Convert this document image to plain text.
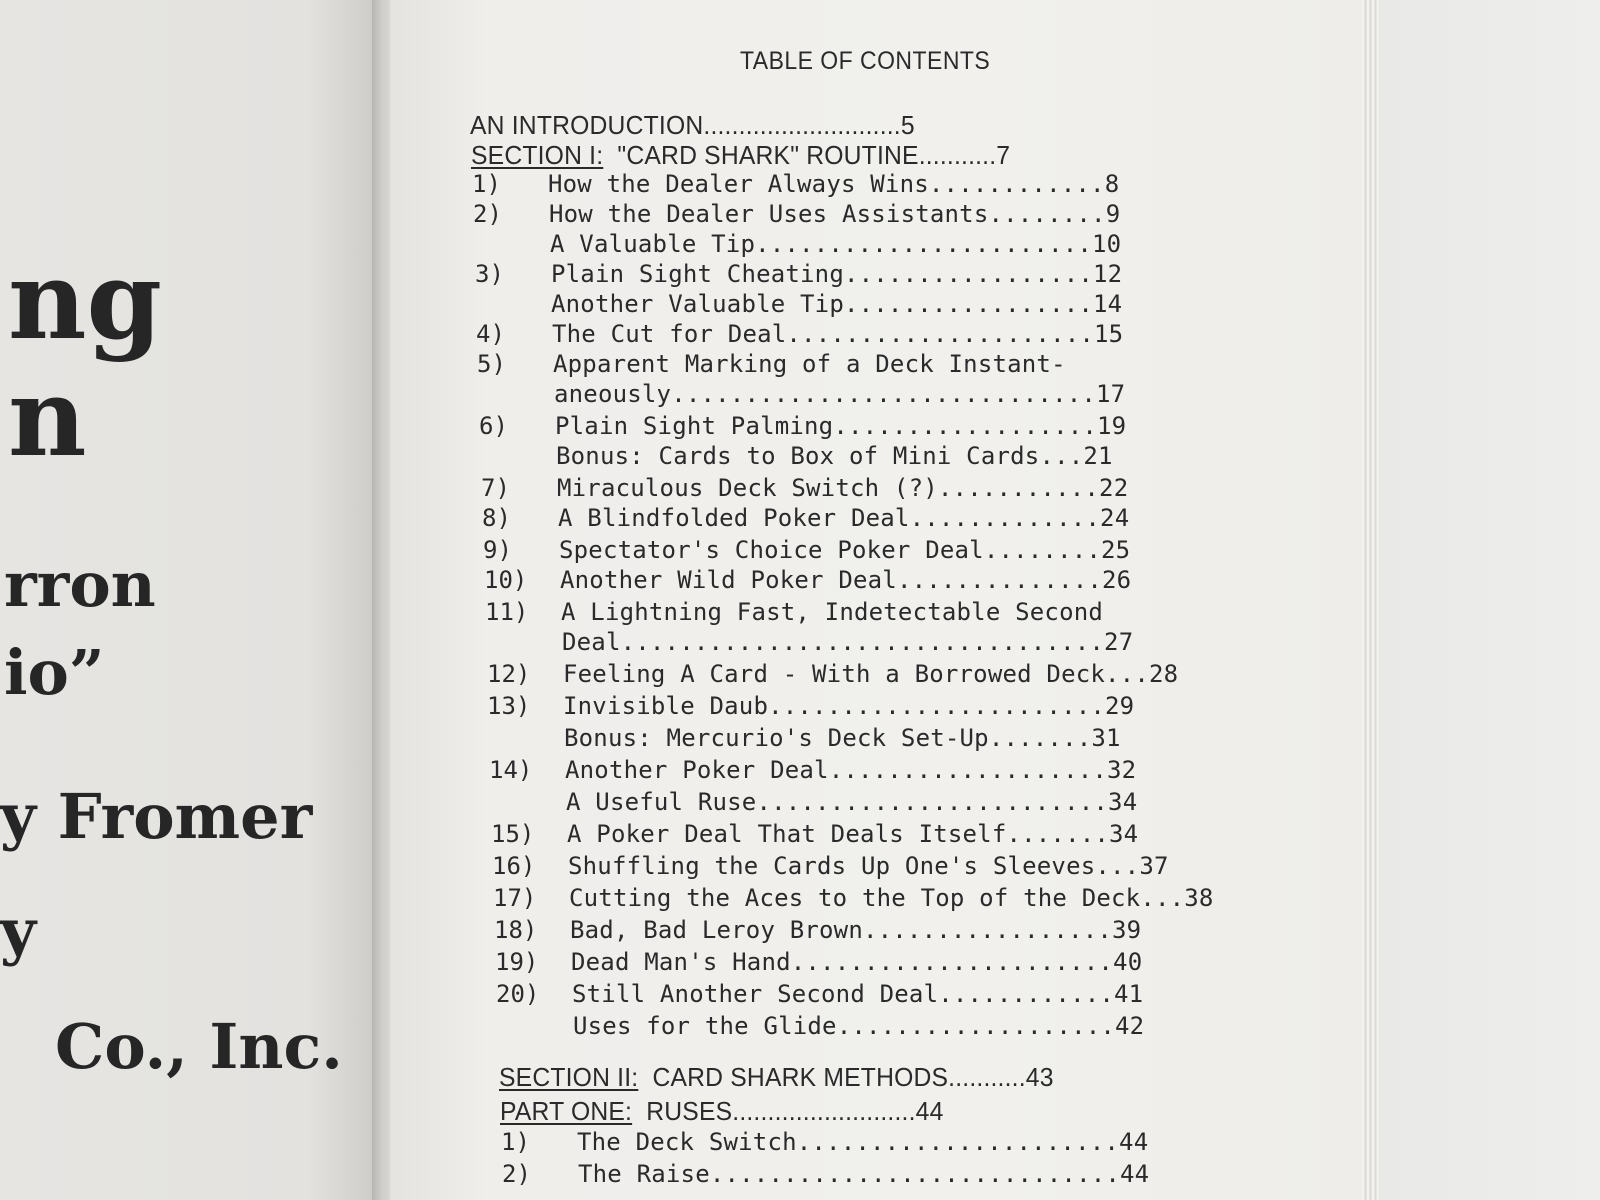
ng
n
rron
io”
y Fromer
y
Co., Inc.
TABLE OF CONTENTS
AN INTRODUCTION............................5
SECTION I: "CARD SHARK" ROUTINE...........7
1) How the Dealer Always Wins............8
2) How the Dealer Uses Assistants........9
A Valuable Tip.......................10
3) Plain Sight Cheating.................12
Another Valuable Tip.................14
4) The Cut for Deal.....................15
5) Apparent Marking of a Deck Instant-
aneously.............................17
6) Plain Sight Palming..................19
Bonus: Cards to Box of Mini Cards...21
7) Miraculous Deck Switch (?)...........22
8) A Blindfolded Poker Deal.............24
9) Spectator's Choice Poker Deal........25
10) Another Wild Poker Deal..............26
11) A Lightning Fast, Indetectable Second
Deal.................................27
12) Feeling A Card - With a Borrowed Deck...28
13) Invisible Daub.......................29
Bonus: Mercurio's Deck Set-Up.......31
14) Another Poker Deal...................32
A Useful Ruse........................34
15) A Poker Deal That Deals Itself.......34
16) Shuffling the Cards Up One's Sleeves...37
17) Cutting the Aces to the Top of the Deck...38
18) Bad, Bad Leroy Brown.................39
19) Dead Man's Hand......................40
20) Still Another Second Deal............41
Uses for the Glide...................42
SECTION II: CARD SHARK METHODS...........43
PART ONE: RUSES..........................44
1) The Deck Switch......................44
2) The Raise............................44
